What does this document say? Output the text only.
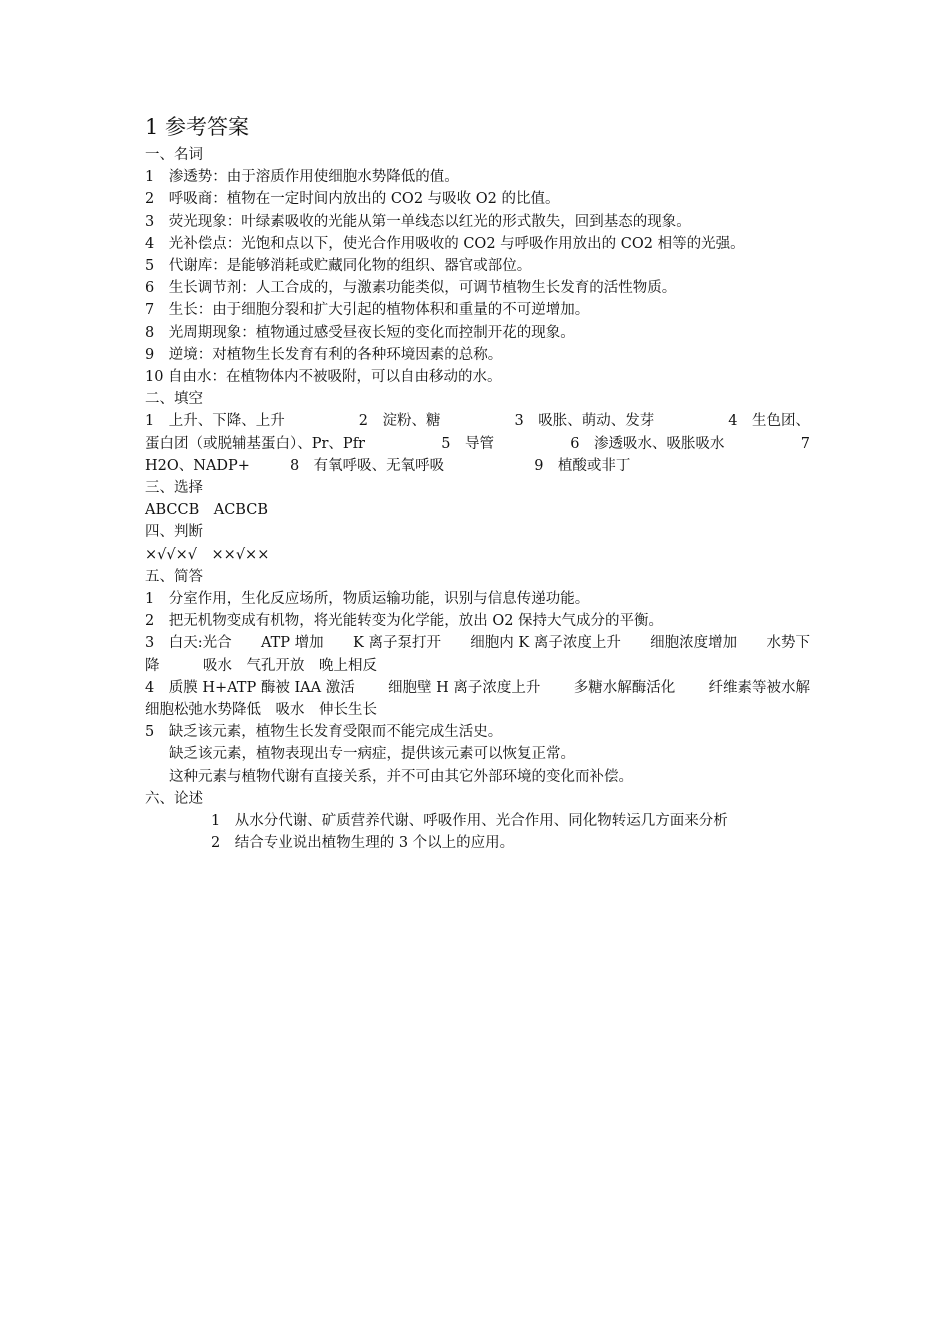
1 参考答案
一、名词
1　渗透势：由于溶质作用使细胞水势降低的值。
2　呼吸商：植物在一定时间内放出的 CO2 与吸收 O2 的比值。
3　荧光现象：叶绿素吸收的光能从第一单线态以红光的形式散失，回到基态的现象。
4　光补偿点：光饱和点以下，使光合作用吸收的 CO2 与呼吸作用放出的 CO2 相等的光强。
5　代谢库：是能够消耗或贮藏同化物的组织、器官或部位。
6　生长调节剂：人工合成的，与激素功能类似，可调节植物生长发育的活性物质。
7　生长：由于细胞分裂和扩大引起的植物体积和重量的不可逆增加。
8　光周期现象：植物通过感受昼夜长短的变化而控制开花的现象。
9　逆境：对植物生长发育有利的各种环境因素的总称。
10 自由水：在植物体内不被吸附，可以自由移动的水。
二、填空
1　上升、下降、上升	2　淀粉、糖	3　吸胀、萌动、发芽	4　生色团、
蛋白团（或脱辅基蛋白）、Pr、Pfr	5　导管	6　渗透吸水、吸胀吸水	7
H2O、NADP+	8　有氧呼吸、无氧呼吸	9　植酸或非丁
三、选择
ABCCB　ACBCB
四、判断
×√√×√　××√××
五、简答
1　分室作用，生化反应场所，物质运输功能，识别与信息传递功能。
2　把无机物变成有机物，将光能转变为化学能，放出 O2 保持大气成分的平衡。
3　白天:光合 ATP 增加 K 离子泵打开 细胞内 K 离子浓度上升 细胞浓度增加 水势下
降　　　吸水　气孔开放　晚上相反
4　质膜 H+ATP 酶被 IAA 激活 细胞壁 H 离子浓度上升 多糖水解酶活化 纤维素等被水解
细胞松弛水势降低　吸水　伸长生长
5　缺乏该元素，植物生长发育受限而不能完成生活史。
缺乏该元素，植物表现出专一病症，提供该元素可以恢复正常。
这种元素与植物代谢有直接关系，并不可由其它外部环境的变化而补偿。
六、论述
1　从水分代谢、矿质营养代谢、呼吸作用、光合作用、同化物转运几方面来分析
2　结合专业说出植物生理的 3 个以上的应用。
